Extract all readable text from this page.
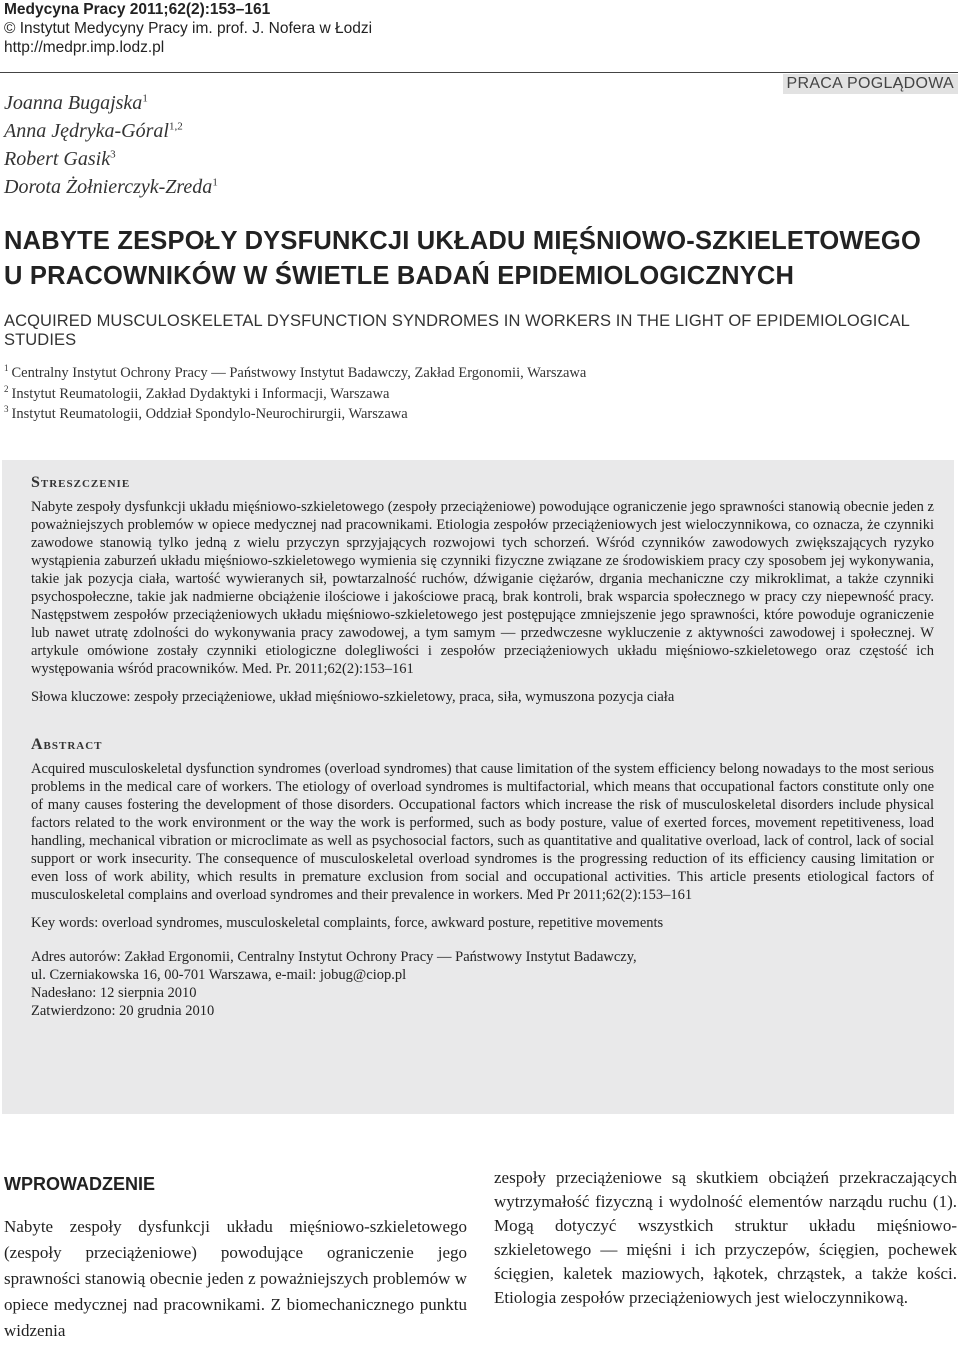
Medycyna Pracy 2011;62(2):153–161
© Instytut Medycyny Pracy im. prof. J. Nofera w Łodzi
http://medpr.imp.lodz.pl
PRACA POGLĄDOWA
Joanna Bugajska$^1$
Anna Jędryka-Góral$^{1,2}$
Robert Gasik$^3$
Dorota Żołnierczyk-Zreda$^1$
NABYTE ZESPOŁY DYSFUNKCJI UKŁADU MIĘŚNIOWO-SZKIELETOWEGO
U PRACOWNIKÓW W ŚWIETLE BADAŃ EPIDEMIOLOGICZNYCH
ACQUIRED MUSCULOSKELETAL DYSFUNCTION SYNDROMES IN WORKERS IN THE LIGHT OF EPIDEMIOLOGICAL STUDIES
$^1$ Centralny Instytut Ochrony Pracy — Państwowy Instytut Badawczy, Zakład Ergonomii, Warszawa
$^2$ Instytut Reumatologii, Zakład Dydaktyki i Informacji, Warszawa
$^3$ Instytut Reumatologii, Oddział Spondylo-Neurochirurgii, Warszawa
Streszczenie

Nabyte zespoły dysfunkcji układu mięśniowo-szkieletowego (zespoły przeciążeniowe) powodujące ograniczenie jego sprawności stanowią obecnie jeden z poważniejszych problemów w opiece medycznej nad pracownikami. Etiologia zespołów przeciążeniowych jest wieloczynnikowa, co oznacza, że czynniki zawodowe stanowią tylko jedną z wielu przyczyn sprzyjających rozwojowi tych schorzeń. Wśród czynników zawodowych zwiększających ryzyko wystąpienia zaburzeń układu mięśniowo-szkieletowego wymienia się czynniki fizyczne związane ze środowiskiem pracy czy sposobem jej wykonywania, takie jak pozycja ciała, wartość wywieranych sił, powtarzalność ruchów, dźwiganie ciężarów, drgania mechaniczne czy mikroklimat, a także czynniki psychospołeczne, takie jak nadmierne obciążenie ilościowe i jakościowe pracą, brak kontroli, brak wsparcia społecznego w pracy czy niepewność pracy. Następstwem zespołów przeciążeniowych układu mięśniowo-szkieletowego jest postępujące zmniejszenie jego sprawności, które powoduje ograniczenie lub nawet utratę zdolności do wykonywania pracy zawodowej, a tym samym — przedwczesne wykluczenie z aktywności zawodowej i społecznej. W artykule omówione zostały czynniki etiologiczne dolegliwości i zespołów przeciążeniowych układu mięśniowo-szkieletowego oraz częstość ich występowania wśród pracowników. Med. Pr. 2011;62(2):153–161

Słowa kluczowe: zespoły przeciążeniowe, układ mięśniowo-szkieletowy, praca, siła, wymuszona pozycja ciała
Abstract

Acquired musculoskeletal dysfunction syndromes (overload syndromes) that cause limitation of the system efficiency belong nowadays to the most serious problems in the medical care of workers. The etiology of overload syndromes is multifactorial, which means that occupational factors constitute only one of many causes fostering the development of those disorders. Occupational factors which increase the risk of musculoskeletal disorders include physical factors related to the work environment or the way the work is performed, such as body posture, value of exerted forces, movement repetitiveness, load handling, mechanical vibration or microclimate as well as psychosocial factors, such as quantitative and qualitative overload, lack of control, lack of social support or work insecurity. The consequence of musculoskeletal overload syndromes is the progressing reduction of its efficiency causing limitation or even loss of work ability, which results in premature exclusion from social and occupational activities. This article presents etiological factors of musculoskeletal complains and overload syndromes and their prevalence in workers. Med Pr 2011;62(2):153–161

Key words: overload syndromes, musculoskeletal complaints, force, awkward posture, repetitive movements
Adres autorów: Zakład Ergonomii, Centralny Instytut Ochrony Pracy — Państwowy Instytut Badawczy,
ul. Czerniakowska 16, 00-701 Warszawa, e-mail: jobug@ciop.pl
Nadesłano: 12 sierpnia 2010
Zatwierdzono: 20 grudnia 2010
WPROWADZENIE
Nabyte zespoły dysfunkcji układu mięśniowo-szkieletowego (zespoły przeciążeniowe) powodujące ograniczenie jego sprawności stanowią obecnie jeden z poważniejszych problemów w opiece medycznej nad pracownikami. Z biomechanicznego punktu widzenia
zespoły przeciążeniowe są skutkiem obciążeń przekraczających wytrzymałość fizyczną i wydolność elementów narządu ruchu (1). Mogą dotyczyć wszystkich struktur układu mięśniowo-szkieletowego — mięśni i ich przyczepów, ścięgien, pochewek ścięgien, kaletek maziowych, łąkotek, chrząstek, a także kości. Etiologia zespołów przeciążeniowych jest wieloczynnikową.
